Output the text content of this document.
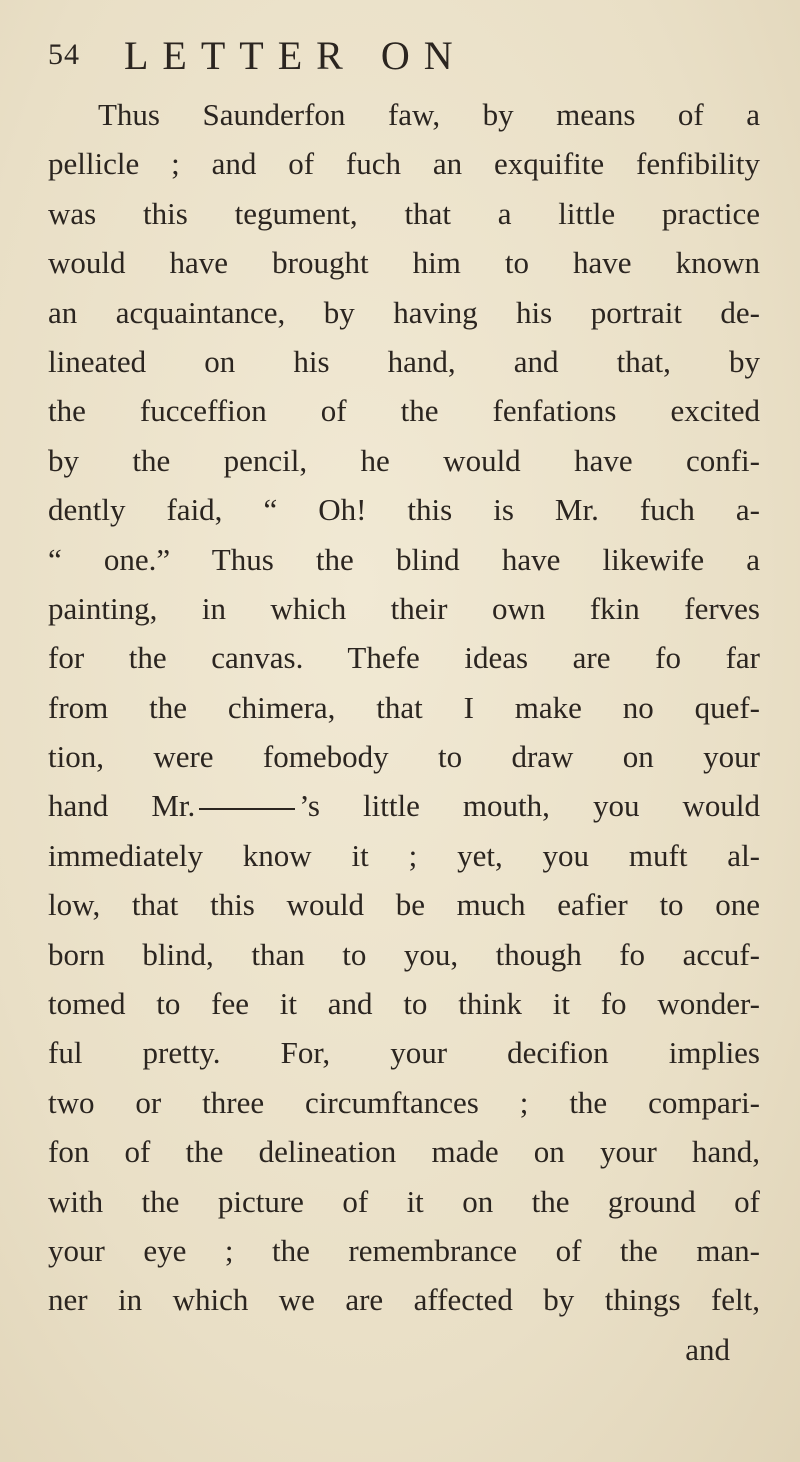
54 LETTER ON
Thus Saunderfon faw, by means of a
pellicle ; and of fuch an exquifite fenfibility
was this tegument, that a little practice
would have brought him to have known
an acquaintance, by having his portrait de-
lineated on his hand, and that, by
the fucceffion of the fenfations excited
by the pencil, he would have confi-
dently faid, “ Oh! this is Mr. fuch a-
“ one.” Thus the blind have likewife a
painting, in which their own fkin ferves
for the canvas. Thefe ideas are fo far
from the chimera, that I make no quef-
tion, were fomebody to draw on your
hand Mr.	’s little mouth, you would
immediately know it ; yet, you muft al-
low, that this would be much eafier to one
born blind, than to you, though fo accuf-
tomed to fee it and to think it fo wonder-
ful pretty. For, your decifion implies
two or three circumftances ; the compari-
fon of the delineation made on your hand,
with the picture of it on the ground of
your eye ; the remembrance of the man-
ner in which we are affected by things felt,
and
